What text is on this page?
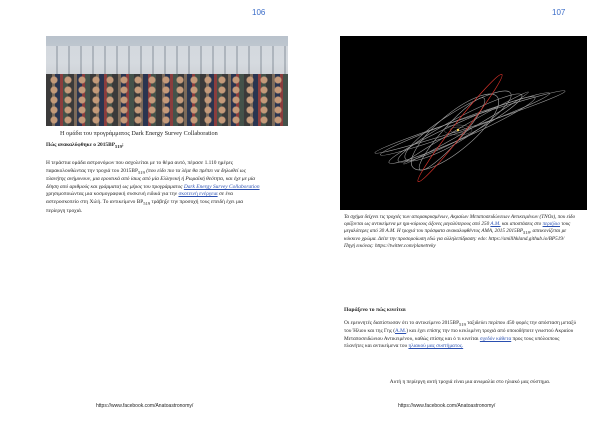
106
Η ομάδα του προγράμματος Dark Energy Survey Collaboration
Πώς ανακαλύφθηκε ο $2015BP_{519}$;
Η τεράστια ομάδα αστρονόμων που ασχολείται με το θέμα αυτό, πέρασε 1.110 ημέρες παρακολουθώντας την τροχιά του $2015BP_{519}$ (που είδο πιο τα λέμε θα πρέπει να δηλωθεί ως πλανήτης ανήμυνουν, μια ερουτικά από ίσως από μία Ελληνική ή Ρωμαϊκή θεότητα, και έχε με μία δέηση από αριθμούς και γράμματα) ως μέρος του προγράμματος Dark Energy Survey Collaboration χρησιμοποιώντας μια κοσμογραφική συσκευή ειδικά για την σκοτεινή ενέργεια σε ένα αστεροσκοπείο στη Χιλή. Το αντικείμενο $BP_{519}$ τράβηξε την προσοχή τους επειδή έχει μια περίεργη τροχιά.
https://www.facebook.com/Anatoastronomy/
107
Τα σχήμα δείχνει τις τροχιές των απομακρυσμένων, Ακραίων Μεταποσειδώνειων Αντικειμένων (TNOs), που είδο ορίζονται ως αντικείμενα με ημι-κύριους άξονες μεγαλύτερους από 250 Α.Μ. και αποστάσεις στο περιήλιο τους μεγαλύτερες από 30 Α.Μ. Η τροχιά του πρόσφατα ανακαλυφθέντος ΑΜΑ, 2015 $2015BP_{519}$, απεικονίζεται με κόκκινο χρώμα. Δείτε την προσομοίωση εδώ για αλληλεπίδραση: edo: https://smillhkland.github.io/BP519/
Πηγή εικόνας: https://twitter.com/planetreky
Παράξενο το πώς κινείται
Οι ερευνητές διαπίστωσαν ότι το αντικείμενο $2015BP_{519}$ ταξιδεύει περίπου 450 φορές την απόσταση μεταξύ του Ήλιου και της Γης (Α.Μ.) και έχει επίσης την πιο κεκλιμένη τροχιά από οποιοδήποτε γνωστού Ακραίου Μεταποσειδώνιου Αντικειμένου, καθώς επίσης και ό τι κινείται σχεδόν κάθετα προς τους υπόλοιπους πλανήτες και αντικείμενα του ηλιακού μας συστήματος.
Αυτή η περίεργη αυτή τροχιά είναι μια ανωμαλία στο ηλιακό μας σύστημα.
https://www.facebook.com/Anatoastronomy/
